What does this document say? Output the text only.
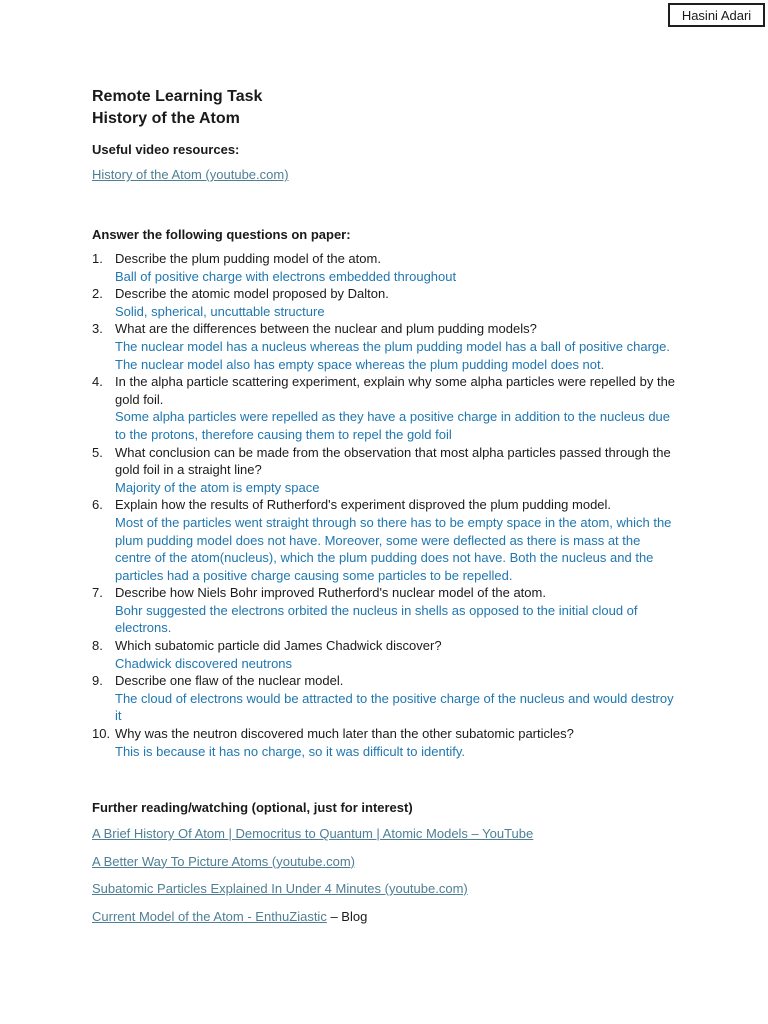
Hasini Adari
Remote Learning Task
History of the Atom
Useful video resources:
History of the Atom (youtube.com)
Answer the following questions on paper:
1. Describe the plum pudding model of the atom.
Ball of positive charge with electrons embedded throughout
2. Describe the atomic model proposed by Dalton.
Solid, spherical, uncuttable structure
3. What are the differences between the nuclear and plum pudding models?
The nuclear model has a nucleus whereas the plum pudding model has a ball of positive charge. The nuclear model also has empty space whereas the plum pudding model does not.
4. In the alpha particle scattering experiment, explain why some alpha particles were repelled by the gold foil.
Some alpha particles were repelled as they have a positive charge in addition to the nucleus due to the protons, therefore causing them to repel the gold foil
5. What conclusion can be made from the observation that most alpha particles passed through the gold foil in a straight line?
Majority of the atom is empty space
6. Explain how the results of Rutherford's experiment disproved the plum pudding model.
Most of the particles went straight through so there has to be empty space in the atom, which the plum pudding model does not have. Moreover, some were deflected as there is mass at the centre of the atom(nucleus), which the plum pudding does not have. Both the nucleus and the particles had a positive charge causing some particles to be repelled.
7. Describe how Niels Bohr improved Rutherford's nuclear model of the atom.
Bohr suggested the electrons orbited the nucleus in shells as opposed to the initial cloud of electrons.
8. Which subatomic particle did James Chadwick discover?
Chadwick discovered neutrons
9. Describe one flaw of the nuclear model.
The cloud of electrons would be attracted to the positive charge of the nucleus and would destroy it
10. Why was the neutron discovered much later than the other subatomic particles?
This is because it has no charge, so it was difficult to identify.
Further reading/watching (optional, just for interest)

A Brief History Of Atom | Democritus to Quantum | Atomic Models – YouTube

A Better Way To Picture Atoms (youtube.com)

Subatomic Particles Explained In Under 4 Minutes (youtube.com)

Current Model of the Atom - EnthuZiastic – Blog
